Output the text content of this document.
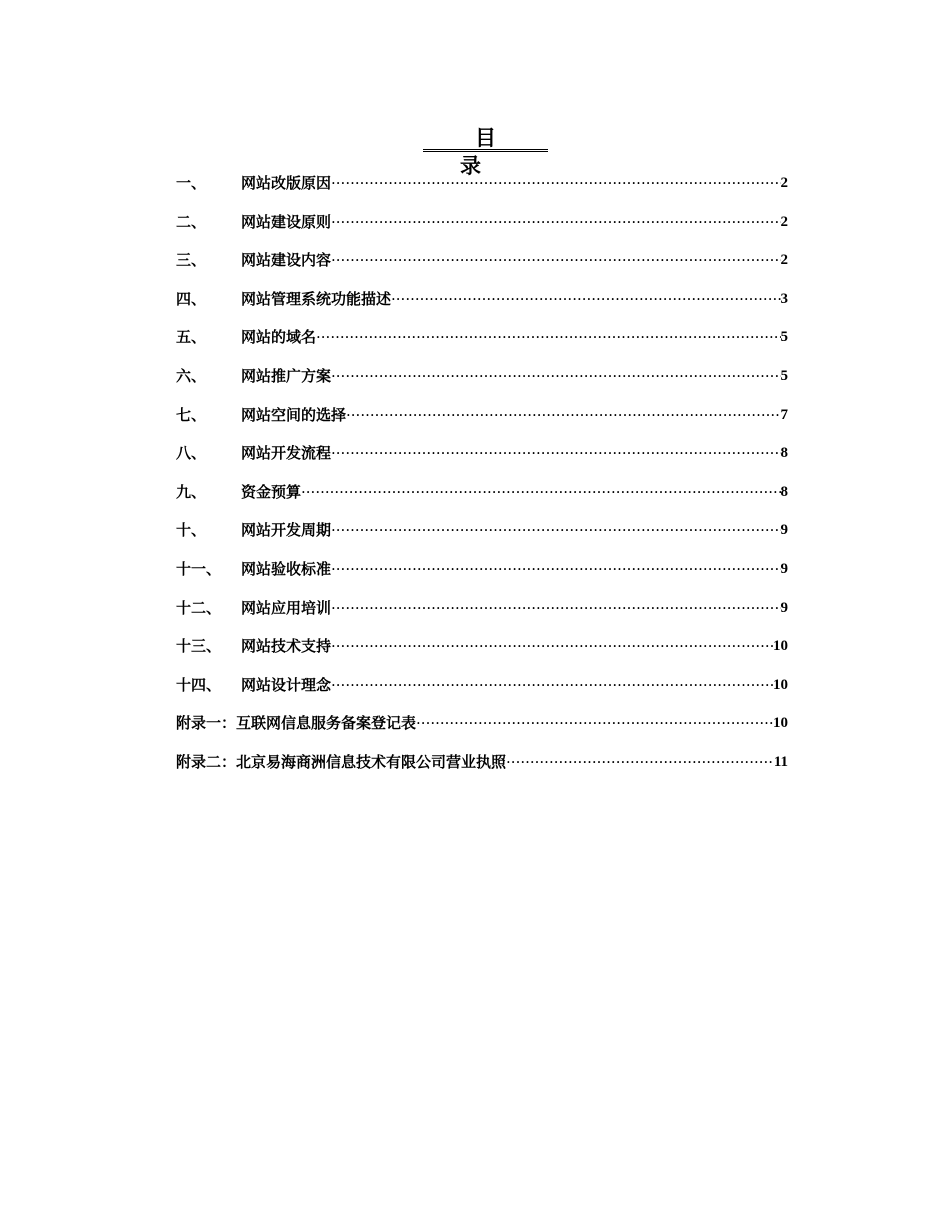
目　录
一、	网站改版原因 ·····	2
二、	网站建设原则 ·····	2
三、	网站建设内容 ·····	2
四、	网站管理系统功能描述 ·····	3
五、	网站的域名 ·····	5
六、	网站推广方案 ·····	5
七、	网站空间的选择 ·····	7
八、	网站开发流程 ·····	8
九、	资金预算 ·····	8
十、	网站开发周期 ·····	9
十一、	网站验收标准 ·····	9
十二、	网站应用培训 ·····	9
十三、	网站技术支持 ·····	10
十四、	网站设计理念 ·····	10
附录一： 互联网信息服务备案登记表 ·····	10
附录二： 北京易海商洲信息技术有限公司营业执照 ·····	11
